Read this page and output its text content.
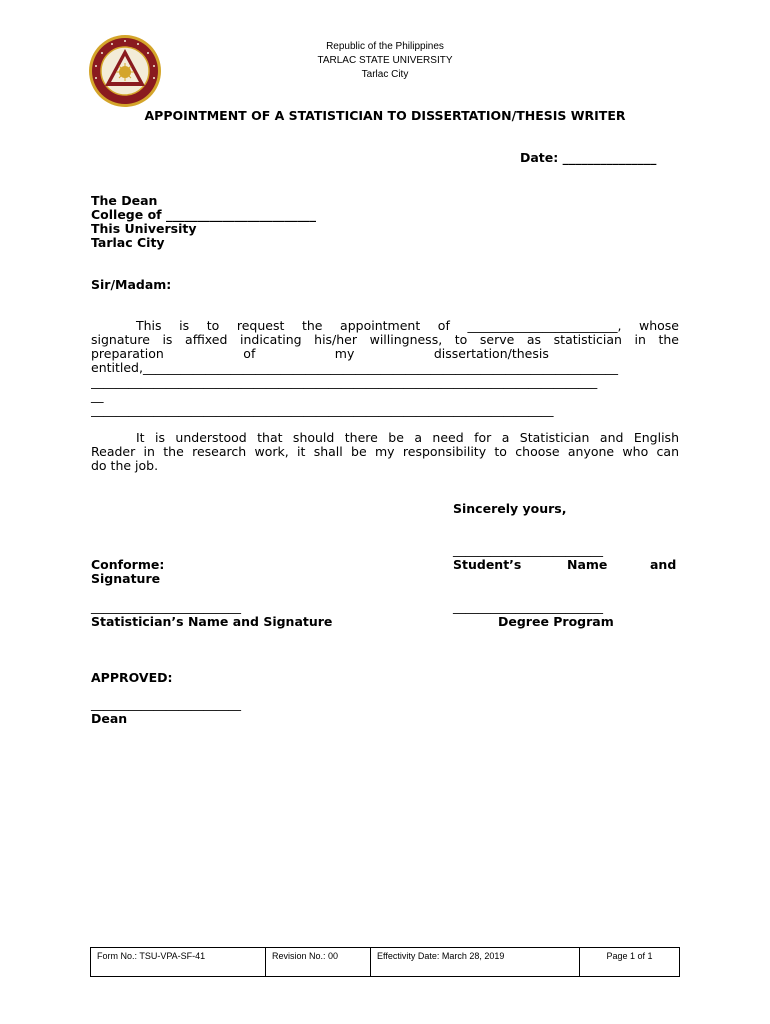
Republic of the Philippines
TARLAC STATE UNIVERSITY
Tarlac City
APPOINTMENT OF A STATISTICIAN TO DISSERTATION/THESIS WRITER
Date: _______________
The Dean
College of ________________________
This University
Tarlac City
Sir/Madam:
This is to request the appointment of ________________________, whose
signature is affixed indicating his/her willingness, to serve as statistician in the
preparation                    of                    my                    dissertation/thesis
entitled,____________________________________________________________________________
_________________________________________________________________________________
__
__________________________________________________________________________
It is understood that should there be a need for a Statistician and English
Reader in the research work, it shall be my responsibility to choose anyone who can
do the job.
Sincerely yours,
________________________
Student’s	Name	and
Conforme:
Signature
________________________
Statistician’s Name and Signature
________________________
Degree Program
APPROVED:
________________________
Dean
Form No.: TSU-VPA-SF-41	Revision No.: 00	Effectivity Date: March 28, 2019	Page 1 of 1
